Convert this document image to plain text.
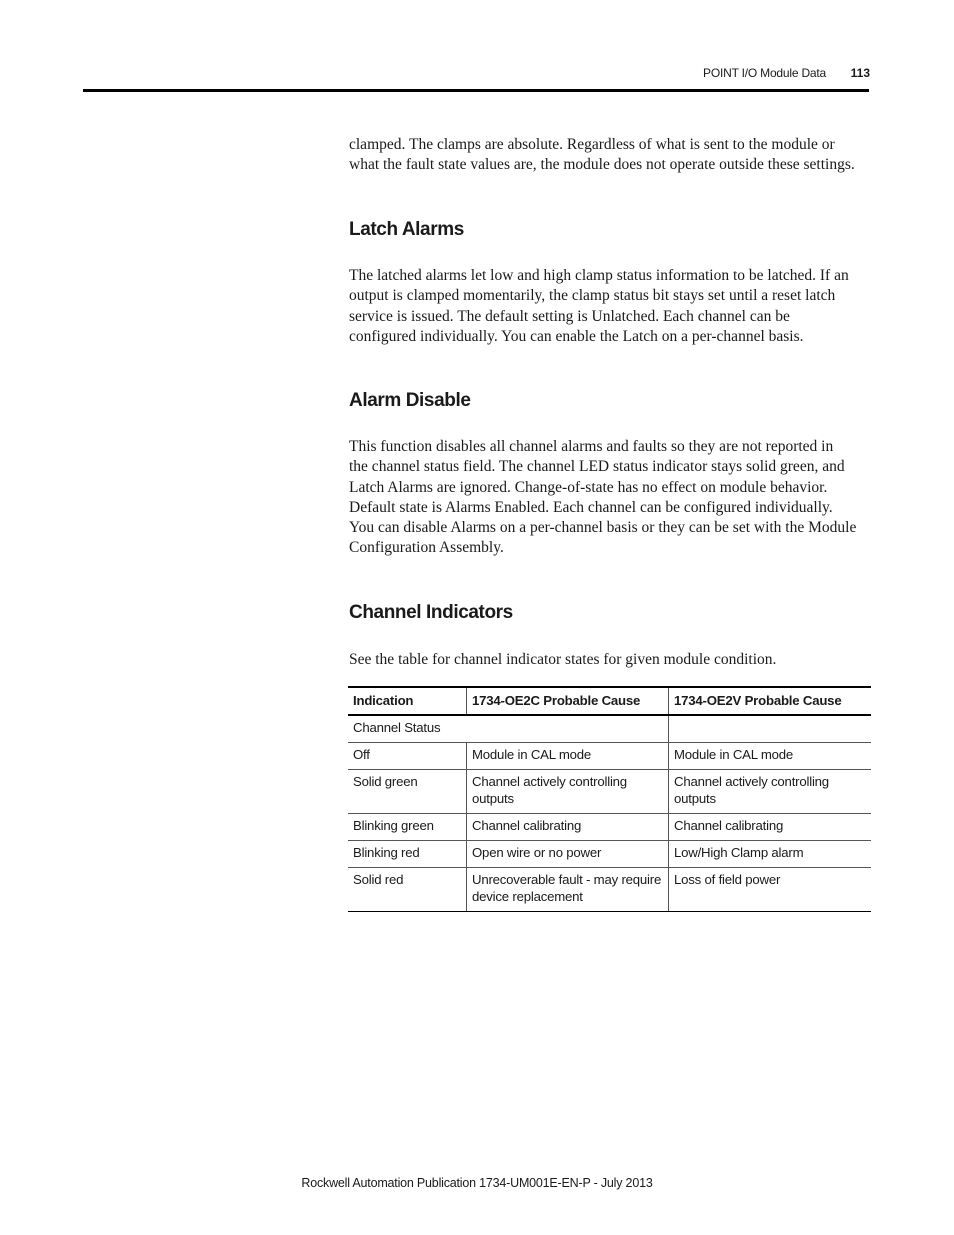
POINT I/O Module Data	113

clamped. The clamps are absolute. Regardless of what is sent to the module or
what the fault state values are, the module does not operate outside these settings.

Latch Alarms

The latched alarms let low and high clamp status information to be latched. If an
output is clamped momentarily, the clamp status bit stays set until a reset latch
service is issued. The default setting is Unlatched. Each channel can be
configured individually. You can enable the Latch on a per-channel basis.

Alarm Disable

This function disables all channel alarms and faults so they are not reported in
the channel status field. The channel LED status indicator stays solid green, and
Latch Alarms are ignored. Change-of-state has no effect on module behavior.
Default state is Alarms Enabled. Each channel can be configured individually.
You can disable Alarms on a per-channel basis or they can be set with the Module
Configuration Assembly.

Channel Indicators

See the table for channel indicator states for given module condition.

Indication	1734-OE2C Probable Cause	1734-OE2V Probable Cause
Channel Status		
Off	Module in CAL mode	Module in CAL mode
Solid green	Channel actively controlling outputs	Channel actively controlling outputs
Blinking green	Channel calibrating	Channel calibrating
Blinking red	Open wire or no power	Low/High Clamp alarm
Solid red	Unrecoverable fault - may require device replacement	Loss of field power
Rockwell Automation Publication 1734-UM001E-EN-P - July 2013
